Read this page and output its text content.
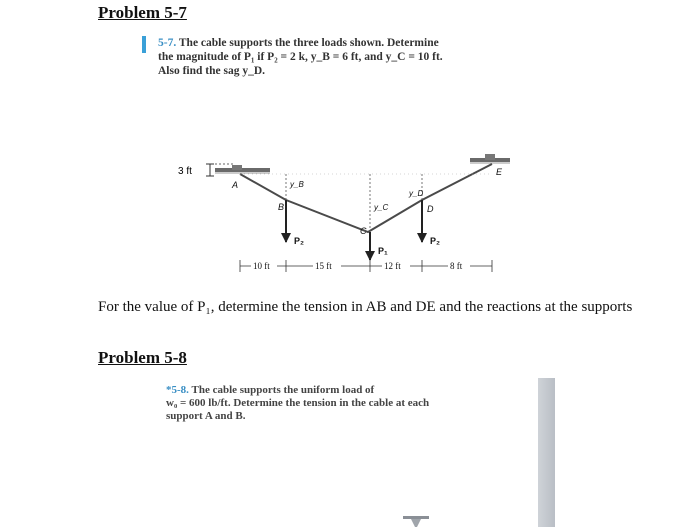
Problem 5-7
5-7. The cable supports the three loads shown. Determine
the magnitude of P₁ if P₂ = 2 k, y_B = 6 ft, and y_C = 10 ft.
Also find the sag y_D.
3 ft
A
B
C
D
E
y_B
y_C
y_D
P₂
P₁
P₂
10 ft	15 ft	12 ft	8 ft
For the value of P₁, determine the tension in AB and DE and the reactions at the supports
Problem 5-8
*5-8. The cable supports the uniform load of
w₀ = 600 lb/ft. Determine the tension in the cable at each
support A and B.
